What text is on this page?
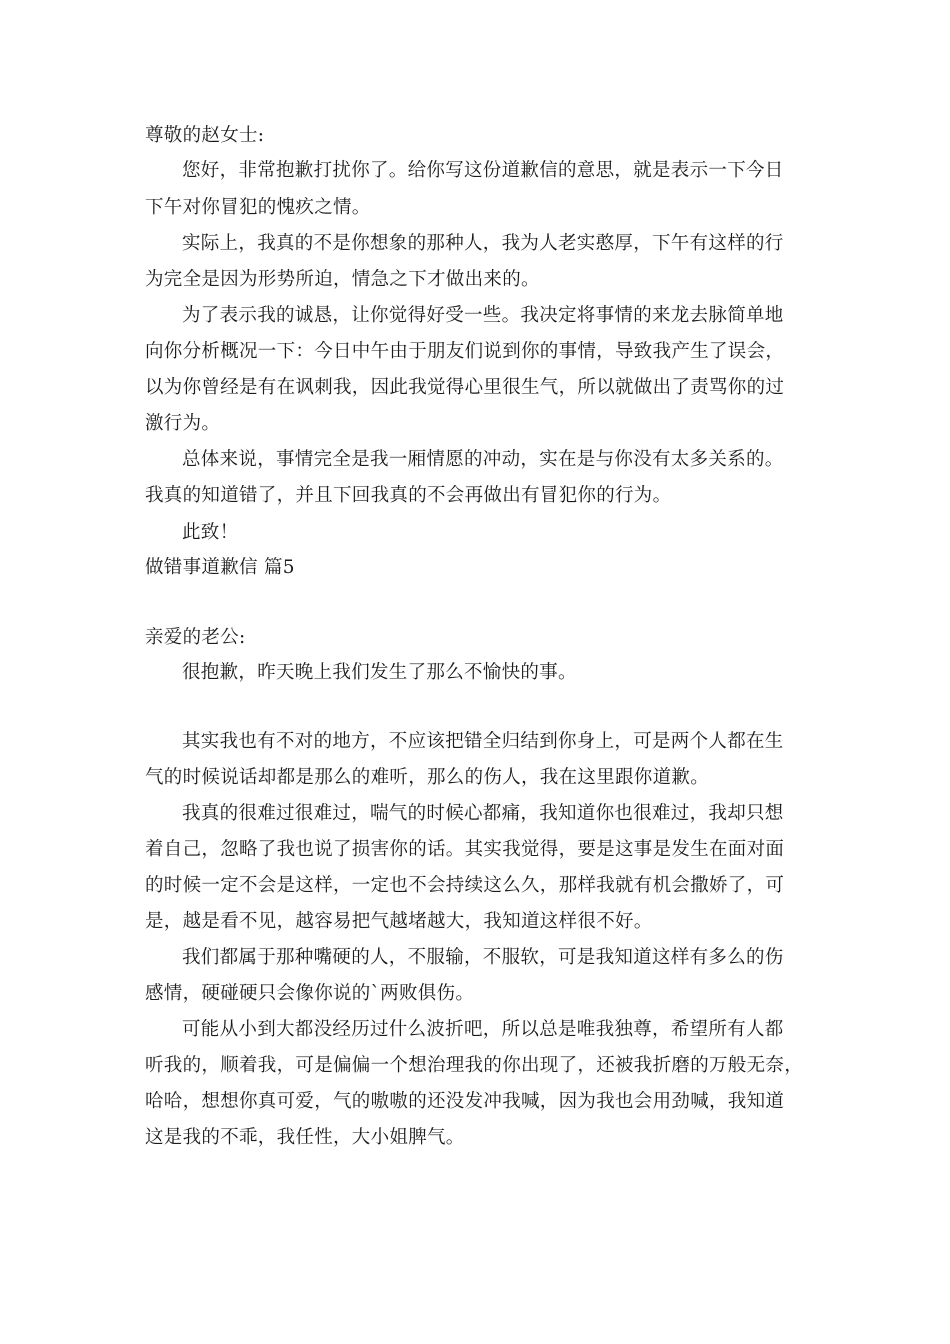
尊敬的赵女士:
您好，非常抱歉打扰你了。给你写这份道歉信的意思，就是表示一下今日
下午对你冒犯的愧疚之情。
实际上，我真的不是你想象的那种人，我为人老实憨厚，下午有这样的行
为完全是因为形势所迫，情急之下才做出来的。
为了表示我的诚恳，让你觉得好受一些。我决定将事情的来龙去脉简单地
向你分析概况一下：今日中午由于朋友们说到你的事情，导致我产生了误会，
以为你曾经是有在讽刺我，因此我觉得心里很生气，所以就做出了责骂你的过
激行为。
总体来说，事情完全是我一厢情愿的冲动，实在是与你没有太多关系的。
我真的知道错了，并且下回我真的不会再做出有冒犯你的行为。
此致！
做错事道歉信 篇5
亲爱的老公:
很抱歉，昨天晚上我们发生了那么不愉快的事。
其实我也有不对的地方，不应该把错全归结到你身上，可是两个人都在生
气的时候说话却都是那么的难听，那么的伤人，我在这里跟你道歉。
我真的很难过很难过，喘气的时候心都痛，我知道你也很难过，我却只想
着自己，忽略了我也说了损害你的话。其实我觉得，要是这事是发生在面对面
的时候一定不会是这样，一定也不会持续这么久，那样我就有机会撒娇了，可
是，越是看不见，越容易把气越堵越大，我知道这样很不好。
我们都属于那种嘴硬的人，不服输，不服软，可是我知道这样有多么的伤
感情，硬碰硬只会像你说的`两败俱伤。
可能从小到大都没经历过什么波折吧，所以总是唯我独尊，希望所有人都
听我的，顺着我，可是偏偏一个想治理我的你出现了，还被我折磨的万般无奈，
哈哈，想想你真可爱，气的嗷嗷的还没发冲我喊，因为我也会用劲喊，我知道
这是我的不乖，我任性，大小姐脾气。
